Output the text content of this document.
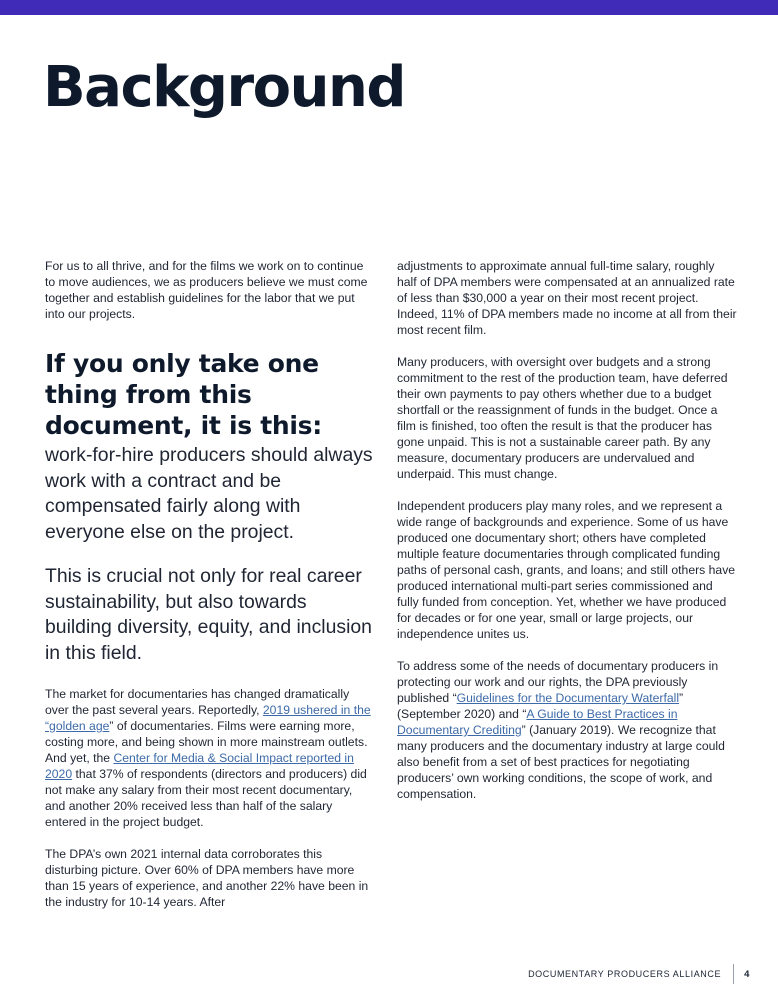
Background

For us to all thrive, and for the films we work on to continue to move audiences, we as producers believe we must come together and establish guidelines for the labor that we put into our projects.

If you only take one thing from this document, it is this:
work-for-hire producers should always work with a contract and be compensated fairly along with everyone else on the project.
This is crucial not only for real career sustainability, but also towards building diversity, equity, and inclusion in this field.

The market for documentaries has changed dramatically over the past several years. Reportedly, 2019 ushered in the “golden age” of documentaries. Films were earning more, costing more, and being shown in more mainstream outlets. And yet, the Center for Media & Social Impact reported in 2020 that 37% of respondents (directors and producers) did not make any salary from their most recent documentary, and another 20% received less than half of the salary entered in the project budget.

The DPA’s own 2021 internal data corroborates this disturbing picture. Over 60% of DPA members have more than 15 years of experience, and another 22% have been in the industry for 10-14 years. After

adjustments to approximate annual full-time salary, roughly half of DPA members were compensated at an annualized rate of less than $30,000 a year on their most recent project. Indeed, 11% of DPA members made no income at all from their most recent film.

Many producers, with oversight over budgets and a strong commitment to the rest of the production team, have deferred their own payments to pay others whether due to a budget shortfall or the reassignment of funds in the budget. Once a film is finished, too often the result is that the producer has gone unpaid. This is not a sustainable career path. By any measure, documentary producers are undervalued and underpaid. This must change.

Independent producers play many roles, and we represent a wide range of backgrounds and experience. Some of us have produced one documentary short; others have completed multiple feature documentaries through complicated funding paths of personal cash, grants, and loans; and still others have produced international multi-part series commissioned and fully funded from conception. Yet, whether we have produced for decades or for one year, small or large projects, our independence unites us.

To address some of the needs of documentary producers in protecting our work and our rights, the DPA previously published “Guidelines for the Documentary Waterfall” (September 2020) and “A Guide to Best Practices in Documentary Crediting” (January 2019). We recognize that many producers and the documentary industry at large could also benefit from a set of best practices for negotiating producers’ own working conditions, the scope of work, and compensation.

DOCUMENTARY PRODUCERS ALLIANCE 4
